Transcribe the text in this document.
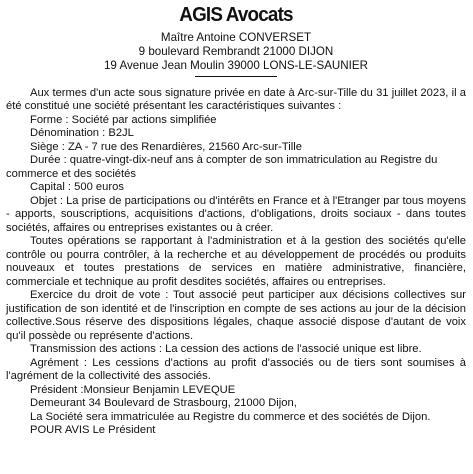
AGIS Avocats
Maître Antoine CONVERSET
9 boulevard Rembrandt 21000 DIJON
19 Avenue Jean Moulin 39000 LONS-LE-SAUNIER

Aux termes d'un acte sous signature privée en date à Arc-sur-Tille du 31 juillet 2023, il a été constitué une société présentant les caractéristiques suivantes :

Forme : Société par actions simplifiée

Dénomination : B2JL

Siège : ZA - 7 rue des Renardières, 21560 Arc-sur-Tille

Durée : quatre-vingt-dix-neuf ans à compter de son immatriculation au Registre du commerce et des sociétés

Capital : 500 euros

Objet : La prise de participations ou d'intérêts en France et à l'Etranger par tous moyens - apports, souscriptions, acquisitions d'actions, d'obligations, droits sociaux - dans toutes sociétés, affaires ou entreprises existantes ou à créer.

Toutes opérations se rapportant à l'administration et à la gestion des sociétés qu'elle contrôle ou pourra contrôler, à la recherche et au développement de procédés ou produits nouveaux et toutes prestations de services en matière administrative, financière, commerciale et technique au profit desdites sociétés, affaires ou entreprises.

Exercice du droit de vote : Tout associé peut participer aux décisions collectives sur justification de son identité et de l'inscription en compte de ses actions au jour de la décision collective.Sous réserve des dispositions légales, chaque associé dispose d'autant de voix qu'il possède ou représente d'actions.

Transmission des actions : La cession des actions de l'associé unique est libre.

Agrément : Les cessions d'actions au profit d'associés ou de tiers sont soumises à l'agrément de la collectivité des associés.

Président :Monsieur Benjamin LEVEQUE

Demeurant 34 Boulevard de Strasbourg, 21000 Dijon,

La Société sera immatriculée au Registre du commerce et des sociétés de Dijon.

POUR AVIS Le Président
